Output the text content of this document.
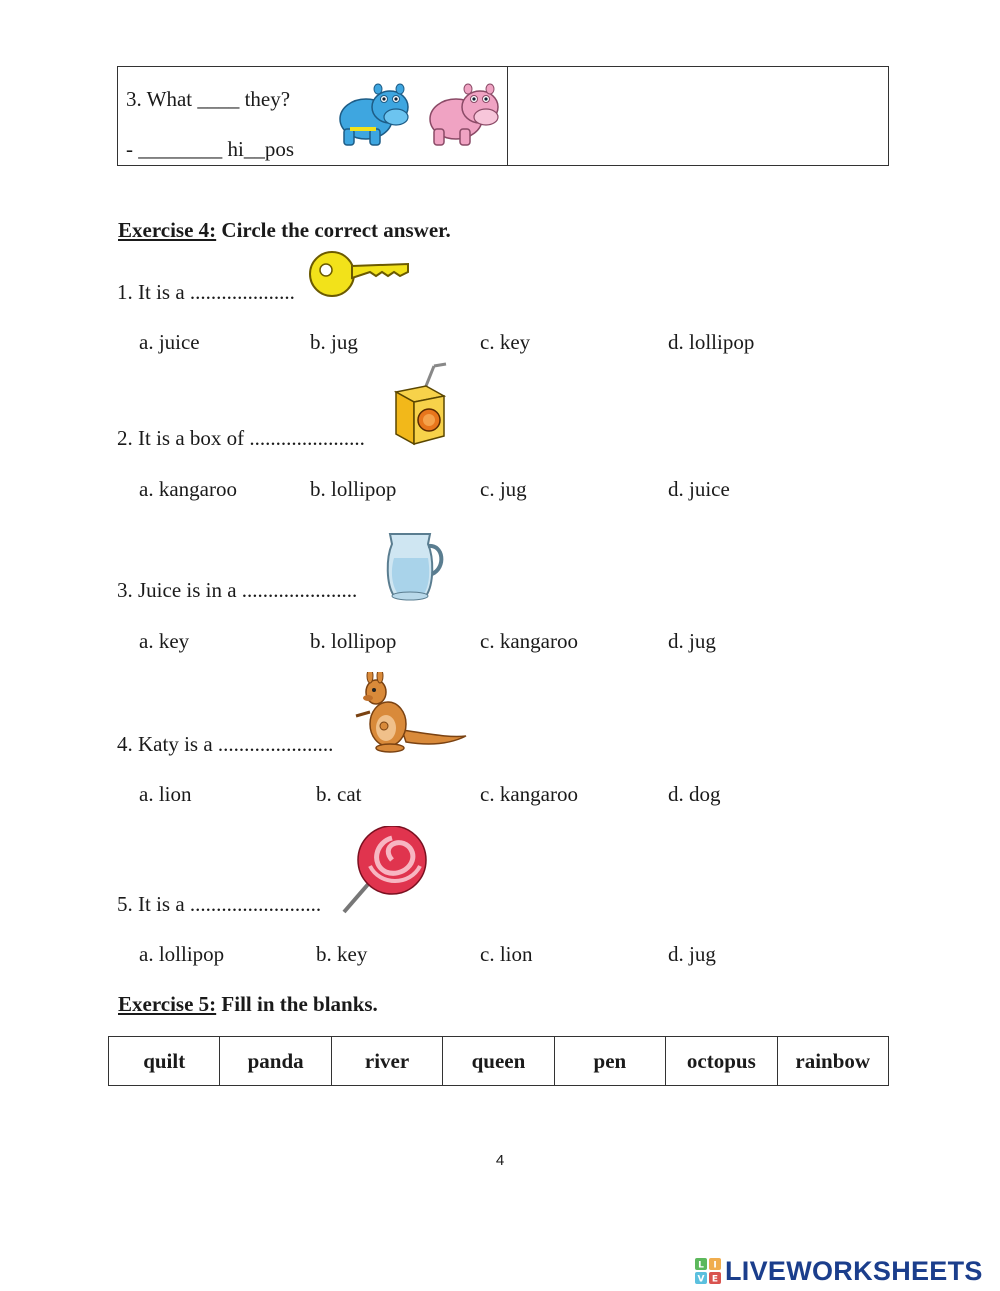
3. What ____ they?
- ________ hi__pos
Exercise 4: Circle the correct answer.
1. It is a ....................
a. juice	b. jug	c. key	d. lollipop
2. It is a box of ......................
a. kangaroo	b. lollipop	c. jug	d. juice
3. Juice is in a ......................
a. key	b. lollipop	c. kangaroo	d. jug
4. Katy is a ......................
a. lion	b. cat	c. kangaroo	d. dog
5. It is a .........................
a. lollipop	b. key	c. lion	d. jug
Exercise 5: Fill in the blanks.
quilt	panda	river	queen	pen	octopus	rainbow
4
L I
V E LIVEWORKSHEETS
